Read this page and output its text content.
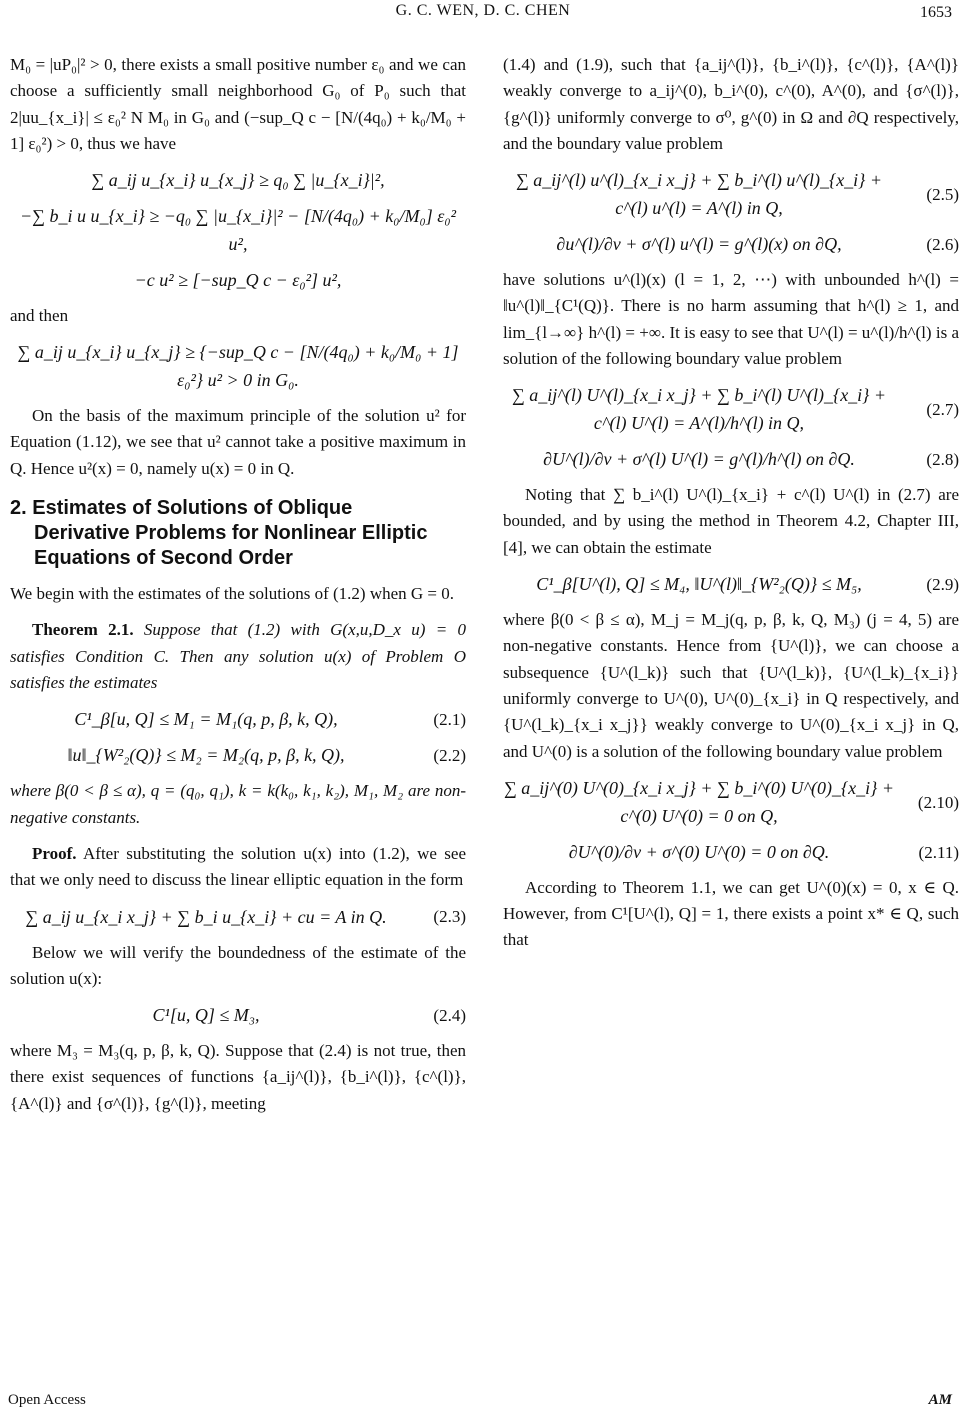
G. C. WEN, D. C. CHEN	1653

M₀ = |uP₀|² > 0, there exists a small positive number ε₀ and we can choose a sufficiently small neighborhood G₀ of P₀ such that 2|uu_{x_i}| ≤ ε₀² N M₀ in G₀ and (−sup_Q c − [N/(4q₀) + k₀/M₀ + 1] ε₀²) > 0, thus we have

∑ a_ij u_{x_i} u_{x_j} ≥ q₀ ∑ |u_{x_i}|²,
−∑ b_i u u_{x_i} ≥ −q₀ ∑ |u_{x_i}|² − [N/(4q₀) + k₀/M₀] ε₀² u²,
−c u² ≥ [−sup_Q c − ε₀²] u²,

and then

∑ a_ij u_{x_i} u_{x_j} ≥ {−sup_Q c − [N/(4q₀) + k₀/M₀ + 1] ε₀²} u² > 0 in G₀.

On the basis of the maximum principle of the solution u² for Equation (1.12), we see that u² cannot take a positive maximum in Q. Hence u²(x) = 0, namely u(x) = 0 in Q.

2. Estimates of Solutions of Oblique
Derivative Problems for Nonlinear Elliptic
Equations of Second Order

We begin with the estimates of the solutions of (1.2) when G = 0.

Theorem 2.1. Suppose that (1.2) with G(x,u,D_x u) = 0 satisfies Condition C. Then any solution u(x) of Problem O satisfies the estimates

C¹_β[u, Q] ≤ M₁ = M₁(q, p, β, k, Q),	(2.1)
‖u‖_{W²₂(Q)} ≤ M₂ = M₂(q, p, β, k, Q),	(2.2)

where β(0 < β ≤ α), q = (q₀, q₁), k = k(k₀, k₁, k₂), M₁, M₂ are non-negative constants.

Proof. After substituting the solution u(x) into (1.2), we see that we only need to discuss the linear elliptic equation in the form

∑ a_ij u_{x_i x_j} + ∑ b_i u_{x_i} + cu = A in Q.	(2.3)

Below we will verify the boundedness of the estimate of the solution u(x):

C¹[u, Q] ≤ M₃,	(2.4)

where M₃ = M₃(q, p, β, k, Q). Suppose that (2.4) is not true, then there exist sequences of functions {a_ij^(l)}, {b_i^(l)}, {c^(l)}, {A^(l)} and {σ^(l)}, {g^(l)}, meeting

(1.4) and (1.9), such that {a_ij^(l)}, {b_i^(l)}, {c^(l)}, {A^(l)} weakly converge to a_ij^(0), b_i^(0), c^(0), A^(0), and {σ^(l)}, {g^(l)} uniformly converge to σ⁰, g^(0) in Ω and ∂Q respectively, and the boundary value problem

∑ a_ij^(l) u^(l)_{x_i x_j} + ∑ b_i^(l) u^(l)_{x_i} + c^(l) u^(l) = A^(l) in Q,
(2.5)
∂u^(l)/∂ν + σ^(l) u^(l) = g^(l)(x) on ∂Q,	(2.6)

have solutions u^(l)(x) (l = 1, 2, ⋯) with unbounded h^(l) = ‖u^(l)‖_{C¹(Q)}. There is no harm assuming that h^(l) ≥ 1, and lim_{l→∞} h^(l) = +∞. It is easy to see that U^(l) = u^(l)/h^(l) is a solution of the following boundary value problem

∑ a_ij^(l) U^(l)_{x_i x_j} + ∑ b_i^(l) U^(l)_{x_i} + c^(l) U^(l) = A^(l)/h^(l) in Q,
(2.7)
∂U^(l)/∂ν + σ^(l) U^(l) = g^(l)/h^(l) on ∂Q.	(2.8)

Noting that ∑ b_i^(l) U^(l)_{x_i} + c^(l) U^(l) in (2.7) are bounded, and by using the method in Theorem 4.2, Chapter III, [4], we can obtain the estimate

C¹_β[U^(l), Q] ≤ M₄, ‖U^(l)‖_{W²₂(Q)} ≤ M₅,	(2.9)

where β(0 < β ≤ α), M_j = M_j(q, p, β, k, Q, M₃) (j = 4, 5) are non-negative constants. Hence from {U^(l)}, we can choose a subsequence {U^(l_k)} such that {U^(l_k)}, {U^(l_k)_{x_i}} uniformly converge to U^(0), U^(0)_{x_i} in Q respectively, and {U^(l_k)_{x_i x_j}} weakly converge to U^(0)_{x_i x_j} in Q, and U^(0) is a solution of the following boundary value problem

∑ a_ij^(0) U^(0)_{x_i x_j} + ∑ b_i^(0) U^(0)_{x_i} + c^(0) U^(0) = 0 on Q,
(2.10)
∂U^(0)/∂ν + σ^(0) U^(0) = 0 on ∂Q.	(2.11)

According to Theorem 1.1, we can get U^(0)(x) = 0, x ∈ Q. However, from C¹[U^(l), Q] = 1, there exists a point x* ∈ Q, such that

Open Access	AM
